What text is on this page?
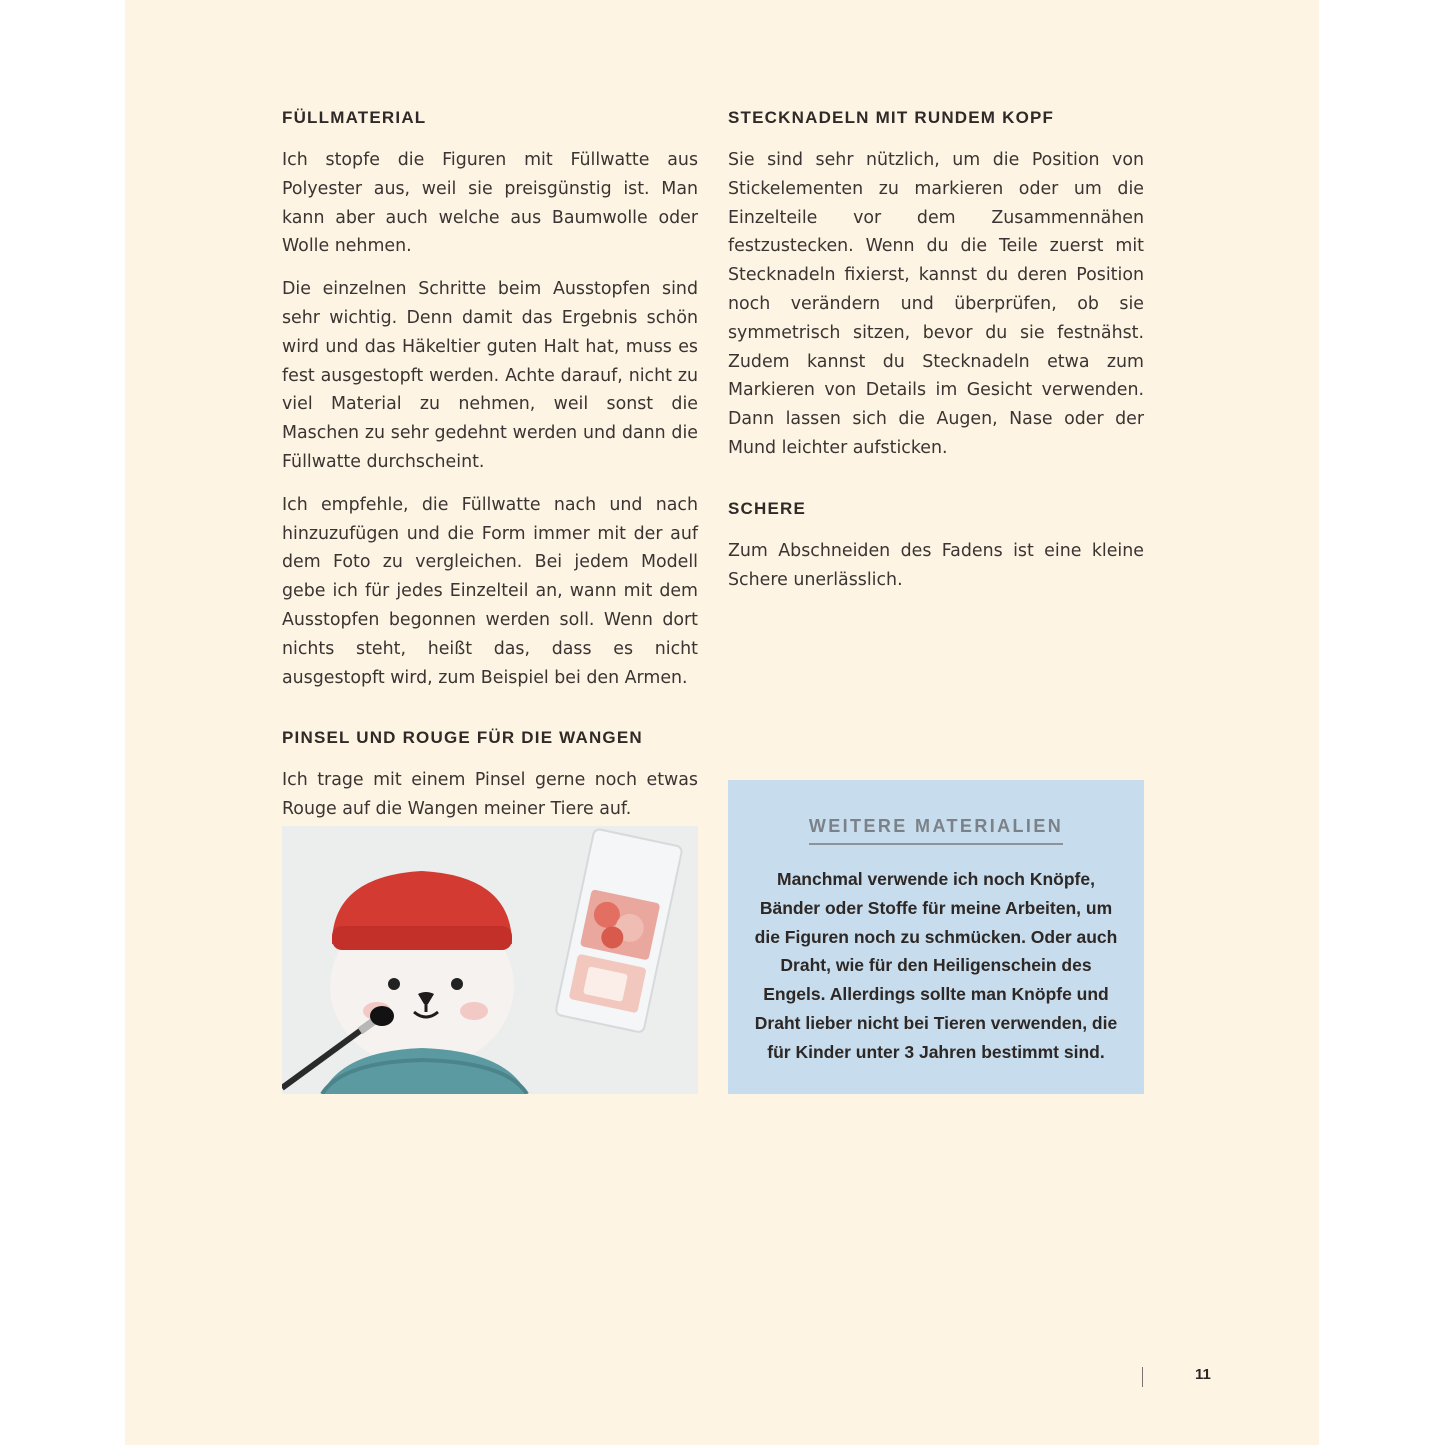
FÜLLMATERIAL

Ich stopfe die Figuren mit Füllwatte aus Polyester aus, weil sie preisgünstig ist. Man kann aber auch welche aus Baumwolle oder Wolle nehmen.

Die einzelnen Schritte beim Ausstopfen sind sehr wichtig. Denn damit das Ergebnis schön wird und das Häkeltier guten Halt hat, muss es fest ausgestopft werden. Achte darauf, nicht zu viel Material zu nehmen, weil sonst die Maschen zu sehr gedehnt werden und dann die Füllwatte durchscheint.

Ich empfehle, die Füllwatte nach und nach hinzuzufügen und die Form immer mit der auf dem Foto zu vergleichen. Bei jedem Modell gebe ich für jedes Einzelteil an, wann mit dem Ausstopfen begonnen werden soll. Wenn dort nichts steht, heißt das, dass es nicht ausgestopft wird, zum Beispiel bei den Armen.

PINSEL UND ROUGE FÜR DIE WANGEN

Ich trage mit einem Pinsel gerne noch etwas Rouge auf die Wangen meiner Tiere auf.

STECKNADELN MIT RUNDEM KOPF

Sie sind sehr nützlich, um die Position von Stickelementen zu markieren oder um die Einzelteile vor dem Zusammennähen festzustecken. Wenn du die Teile zuerst mit Stecknadeln fixierst, kannst du deren Position noch verändern und überprüfen, ob sie symmetrisch sitzen, bevor du sie festnähst. Zudem kannst du Stecknadeln etwa zum Markieren von Details im Gesicht verwenden. Dann lassen sich die Augen, Nase oder der Mund leichter aufsticken.

SCHERE

Zum Abschneiden des Fadens ist eine kleine Schere unerlässlich.

WEITERE MATERIALIEN
Manchmal verwende ich noch Knöpfe, Bänder oder Stoffe für meine Arbeiten, um die Figuren noch zu schmücken. Oder auch Draht, wie für den Heiligenschein des Engels. Allerdings sollte man Knöpfe und Draht lieber nicht bei Tieren verwenden, die für Kinder unter 3 Jahren bestimmt sind.
11
